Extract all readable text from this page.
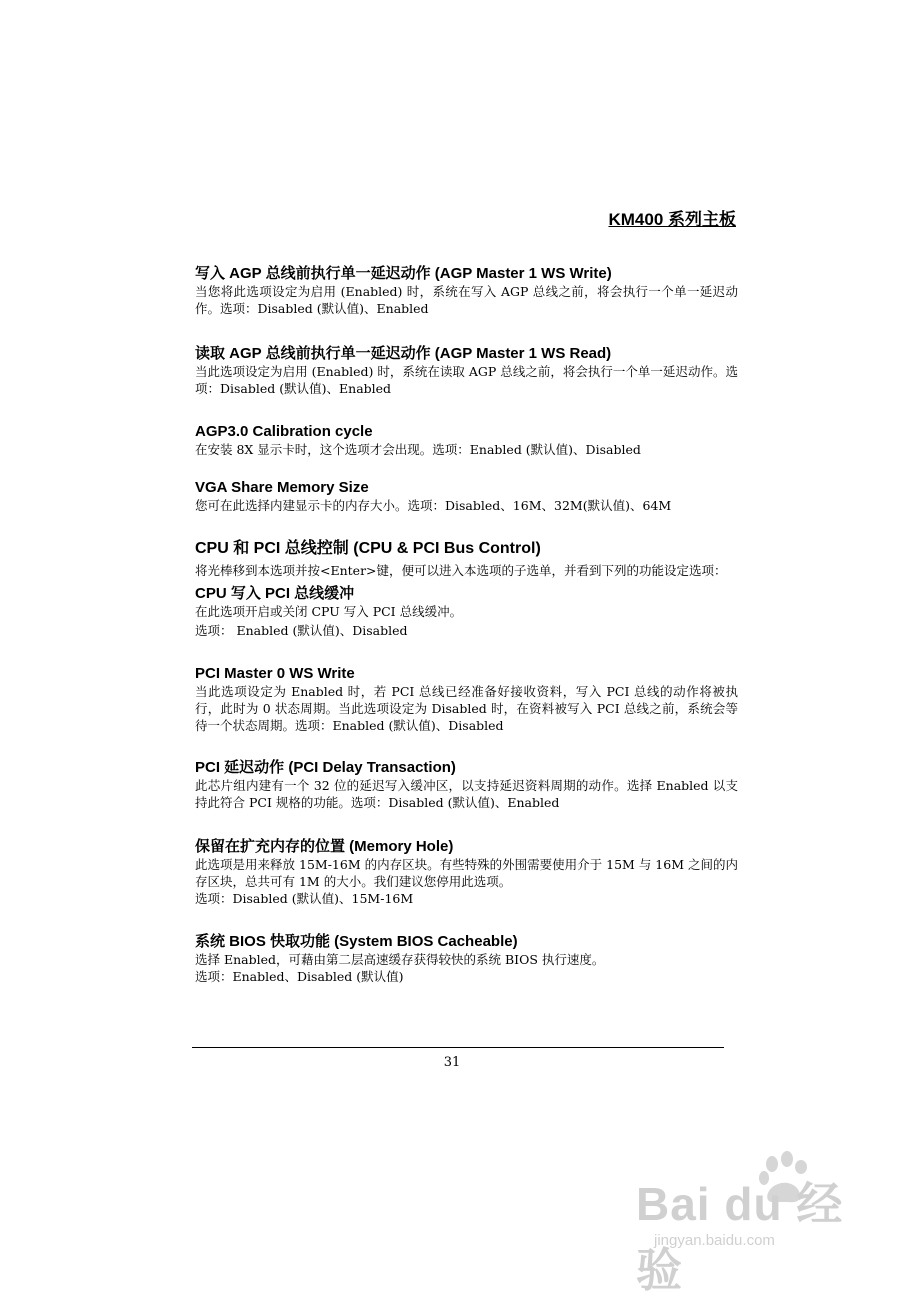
KM400 系列主板

写入 AGP 总线前执行单一延迟动作 (AGP Master 1 WS Write)

当您将此选项设定为启用 (Enabled) 时，系统在写入 AGP 总线之前，将会执行一个单一延迟动作。选项：Disabled (默认值)、Enabled

读取 AGP 总线前执行单一延迟动作 (AGP Master 1 WS Read)

当此选项设定为启用 (Enabled) 时，系统在读取 AGP 总线之前，将会执行一个单一延迟动作。选项：Disabled (默认值)、Enabled

AGP3.0 Calibration cycle

在安装 8X 显示卡时，这个选项才会出现。选项：Enabled (默认值)、Disabled

VGA Share Memory Size

您可在此选择内建显示卡的内存大小。选项：Disabled、16M、32M(默认值)、64M

CPU 和 PCI 总线控制 (CPU & PCI Bus Control)

将光棒移到本选项并按<Enter>键，便可以进入本选项的子选单，并看到下列的功能设定选项：

CPU 写入 PCI 总线缓冲

在此选项开启或关闭 CPU 写入 PCI 总线缓冲。

选项： Enabled (默认值)、Disabled

PCI Master 0 WS Write

当此选项设定为 Enabled 时，若 PCI 总线已经准备好接收资料，写入 PCI 总线的动作将被执行，此时为 0 状态周期。当此选项设定为 Disabled 时，在资料被写入 PCI 总线之前，系统会等待一个状态周期。选项：Enabled (默认值)、Disabled

PCI 延迟动作 (PCI Delay Transaction)

此芯片组内建有一个 32 位的延迟写入缓冲区，以支持延迟资料周期的动作。选择 Enabled 以支持此符合 PCI 规格的功能。选项：Disabled (默认值)、Enabled

保留在扩充内存的位置 (Memory Hole)

此选项是用来释放 15M-16M 的内存区块。有些特殊的外围需要使用介于 15M 与 16M 之间的内存区块，总共可有 1M 的大小。我们建议您停用此选项。

选项：Disabled (默认值)、15M-16M

系统 BIOS 快取功能 (System BIOS Cacheable)

选择 Enabled，可藉由第二层高速缓存获得较快的系统 BIOS 执行速度。

选项：Enabled、Disabled (默认值)

31
Bai du 经验
jingyan.baidu.com
